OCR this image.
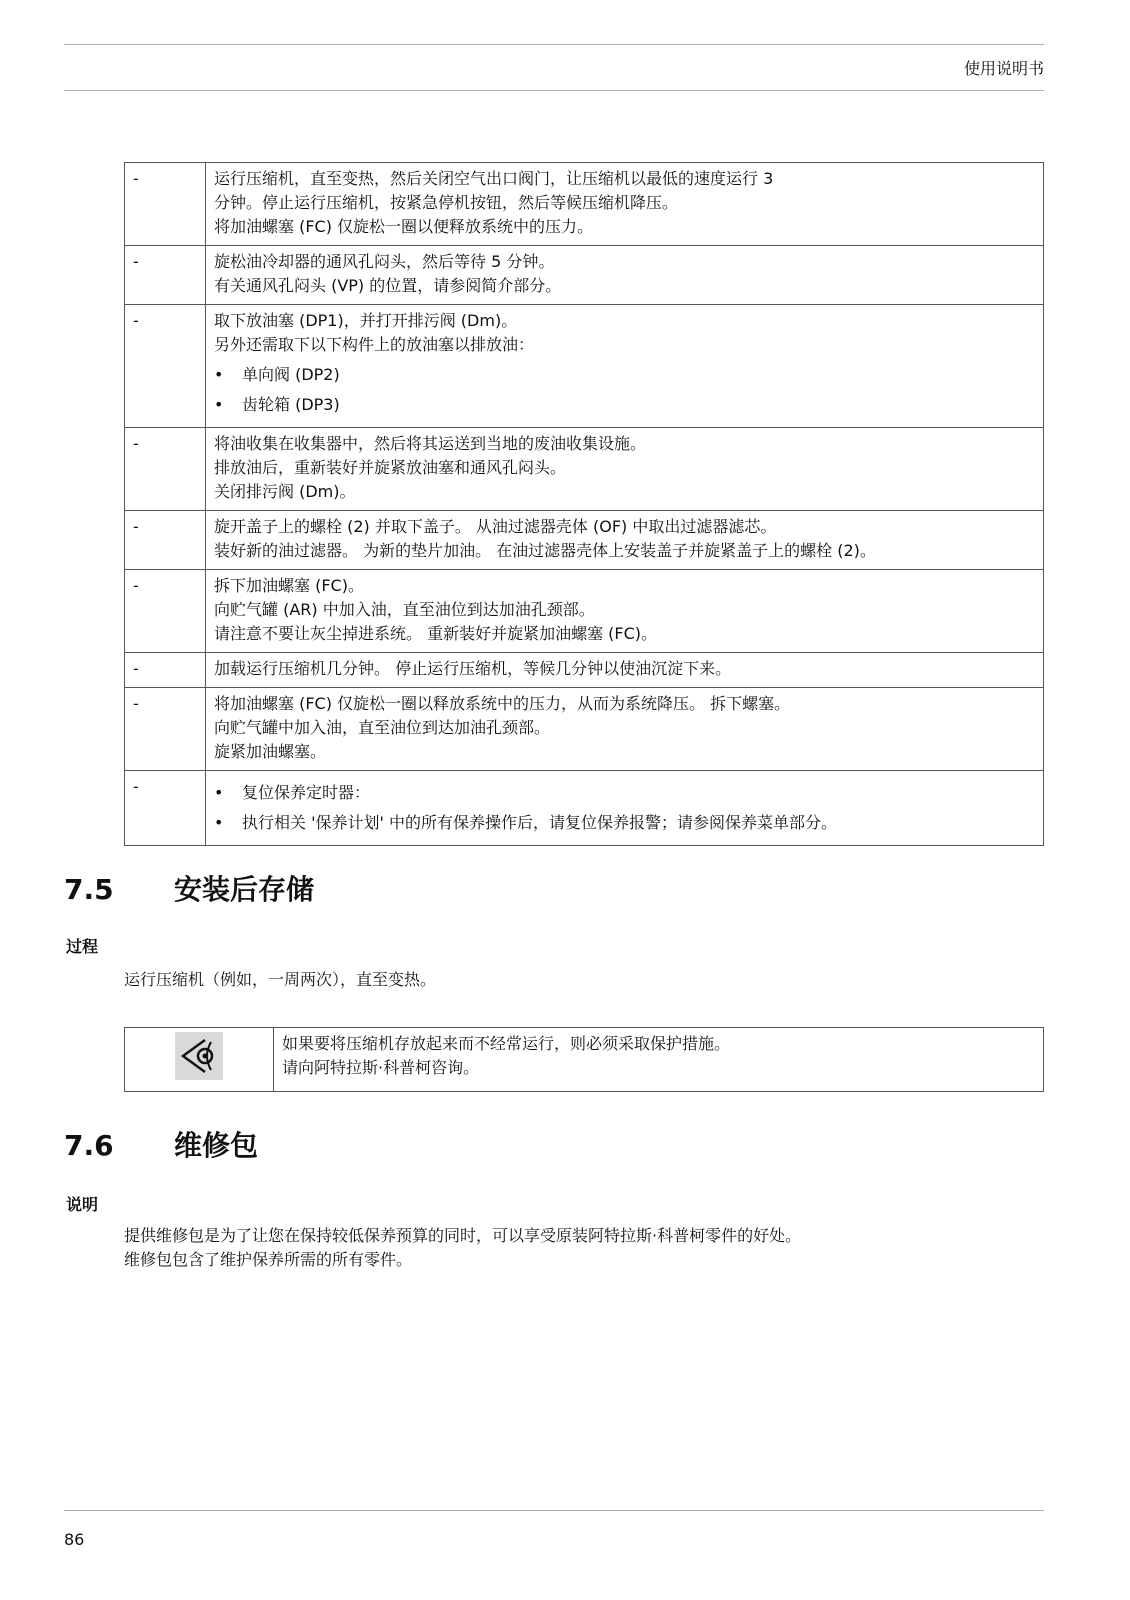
使用说明书
-	运行压缩机，直至变热，然后关闭空气出口阀门，让压缩机以最低的速度运行 3
分钟。停止运行压缩机，按紧急停机按钮，然后等候压缩机降压。
将加油螺塞 (FC) 仅旋松一圈以便释放系统中的压力。

-	旋松油冷却器的通风孔闷头，然后等待 5 分钟。
有关通风孔闷头 (VP) 的位置，请参阅简介部分。

-	取下放油塞 (DP1)，并打开排污阀 (Dm)。
另外还需取下以下构件上的放油塞以排放油：
• 单向阀 (DP2)
• 齿轮箱 (DP3)

-	将油收集在收集器中，然后将其运送到当地的废油收集设施。
排放油后，重新装好并旋紧放油塞和通风孔闷头。
关闭排污阀 (Dm)。

-	旋开盖子上的螺栓 (2) 并取下盖子。 从油过滤器壳体 (OF) 中取出过滤器滤芯。
装好新的油过滤器。 为新的垫片加油。 在油过滤器壳体上安装盖子并旋紧盖子上的螺栓 (2)。

-	拆下加油螺塞 (FC)。
向贮气罐 (AR) 中加入油，直至油位到达加油孔颈部。
请注意不要让灰尘掉进系统。 重新装好并旋紧加油螺塞 (FC)。

-	加载运行压缩机几分钟。 停止运行压缩机，等候几分钟以使油沉淀下来。

-	将加油螺塞 (FC) 仅旋松一圈以释放系统中的压力，从而为系统降压。 拆下螺塞。
向贮气罐中加入油，直至油位到达加油孔颈部。
旋紧加油螺塞。

-	• 复位保养定时器：
• 执行相关 '保养计划' 中的所有保养操作后，请复位保养报警；请参阅保养菜单部分。
7.5 安装后存储
过程
运行压缩机（例如，一周两次），直至变热。

如果要将压缩机存放起来而不经常运行，则必须采取保护措施。
请向阿特拉斯·科普柯咨询。
7.6 维修包
说明
提供维修包是为了让您在保持较低保养预算的同时，可以享受原装阿特拉斯·科普柯零件的好处。
维修包包含了维护保养所需的所有零件。
86
